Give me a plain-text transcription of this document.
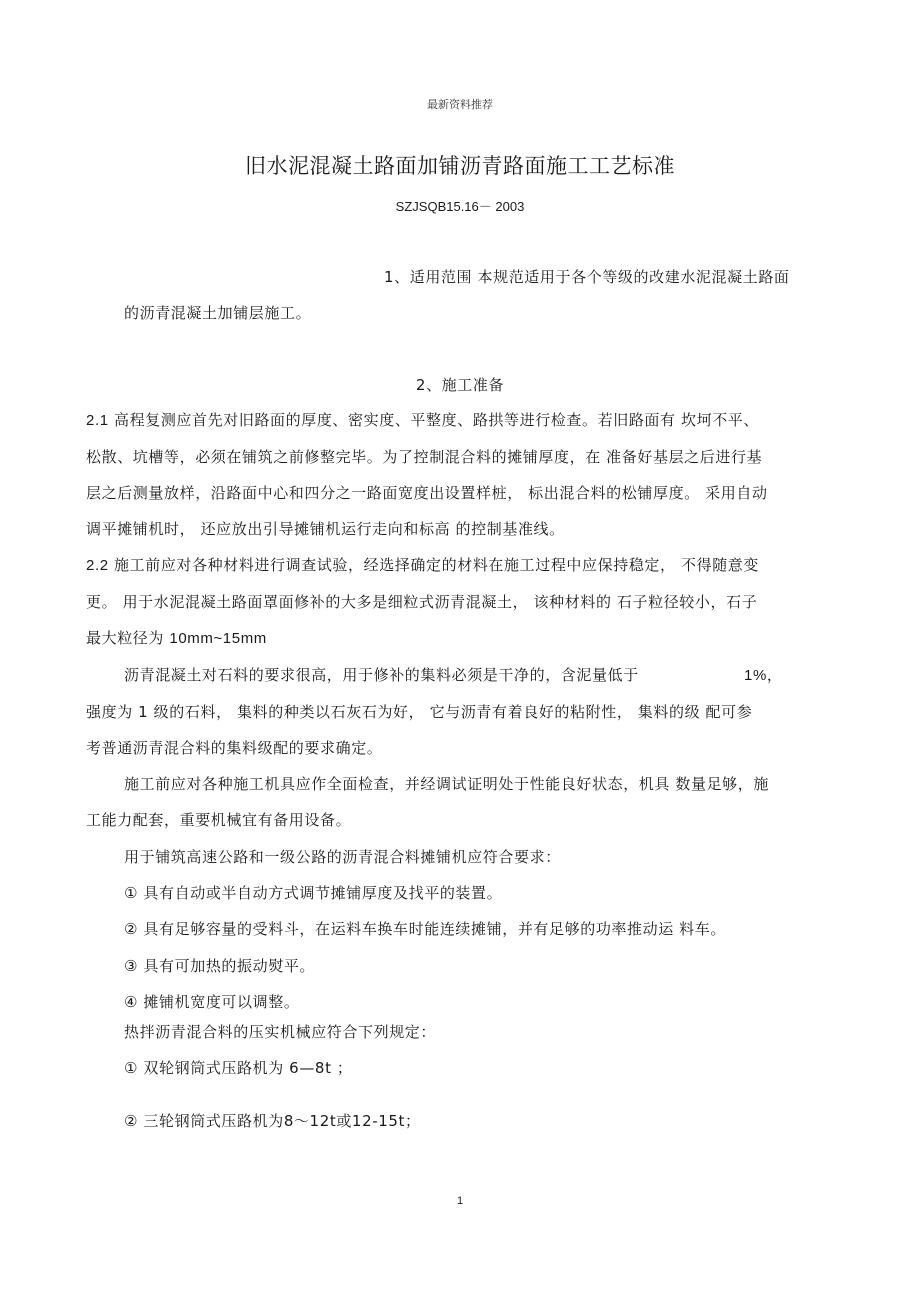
最新资料推荐
旧水泥混凝土路面加铺沥青路面施工工艺标准
SZJSQB15.16－ 2003
1、适用范围 本规范适用于各个等级的改建水泥混凝土路面
的沥青混凝土加铺层施工。
2、施工准备
2.1 高程复测应首先对旧路面的厚度、密实度、平整度、路拱等进行检查。若旧路面有 坎坷不平、
松散、坑槽等，必须在铺筑之前修整完毕。为了控制混合料的摊铺厚度，在 准备好基层之后进行基
层之后测量放样，沿路面中心和四分之一路面宽度出设置样桩， 标出混合料的松铺厚度。 采用自动
调平摊铺机时， 还应放出引导摊铺机运行走向和标高 的控制基准线。
2.2 施工前应对各种材料进行调查试验，经选择确定的材料在施工过程中应保持稳定， 不得随意变
更。 用于水泥混凝土路面罩面修补的大多是细粒式沥青混凝土， 该种材料的 石子粒径较小，石子
最大粒径为 10mm~15mm
沥青混凝土对石料的要求很高，用于修补的集料必须是干净的，含泥量低于	1%，
强度为 1 级的石料， 集料的种类以石灰石为好， 它与沥青有着良好的粘附性， 集料的级 配可参
考普通沥青混合料的集料级配的要求确定。
施工前应对各种施工机具应作全面检查，并经调试证明处于性能良好状态，机具 数量足够，施
工能力配套，重要机械宜有备用设备。
用于铺筑高速公路和一级公路的沥青混合料摊铺机应符合要求：
① 具有自动或半自动方式调节摊铺厚度及找平的装置。
② 具有足够容量的受料斗，在运料车换车时能连续摊铺，并有足够的功率推动运 料车。
③ 具有可加热的振动熨平。
④ 摊铺机宽度可以调整。
热拌沥青混合料的压实机械应符合下列规定：
① 双轮钢筒式压路机为 6—8t ；
② 三轮钢筒式压路机为8～12t或12-15t；
1
